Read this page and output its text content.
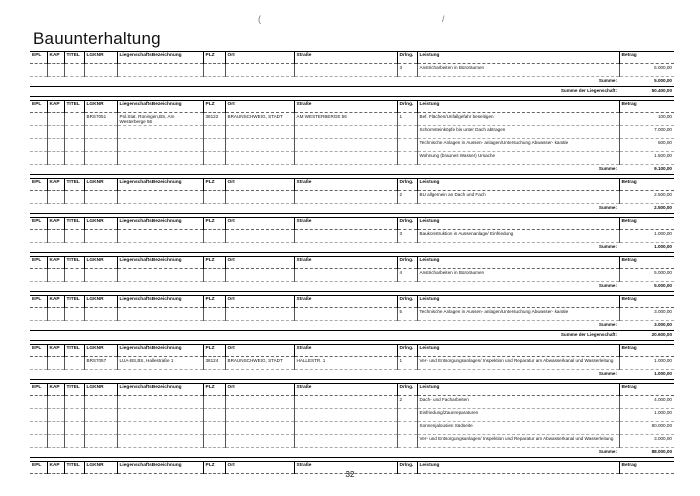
(	/
Bauunterhaltung
EPL	KAP	TITEL	LGKNR	LiegenschaftsBezeichnung	PLZ	Ort	Straße	Drlng.	Leistung	Betrag
								3	Anstricharbeiten in Büroräumen	5.000,00
Summe:										5.000,00
Summe der Liegenschaft:										50.400,00

EPL	KAP	TITEL	LGKNR	LiegenschaftsBezeichnung	PLZ	Ort	Straße	Drlng.	Leistung	Betrag
			BRS7051	Pol.Stat. Rüningen,BS, Am Westerberge 56	38122	BRAUNSCHWEIG, STADT	AM WESTERBERGE 56	1	Bef. Flächen/Unfallgefahr beseitigen	100,00
									Schornsteinköpfe bis unter Dach abtragen	7.000,00
									Technische Anlagen in Aussen- anlagen/Untersuchung Abwasser- kanäle	500,00
									Wohnung (braunes Wasser) Ursache	1.500,00
Summe:										9.100,00

EPL	KAP	TITEL	LGKNR	LiegenschaftsBezeichnung	PLZ	Ort	Straße	Drlng.	Leistung	Betrag
								2	BU allgemein an Dach und Fach	2.500,00
Summe:										2.500,00

EPL	KAP	TITEL	LGKNR	LiegenschaftsBezeichnung	PLZ	Ort	Straße	Drlng.	Leistung	Betrag
								3	Baukonstruktion in Aussenanlage/ Einfriedung	1.000,00
Summe:										1.000,00

EPL	KAP	TITEL	LGKNR	LiegenschaftsBezeichnung	PLZ	Ort	Straße	Drlng.	Leistung	Betrag
								4	Anstricharbeiten in Büroräumen	5.000,00
Summe:										5.000,00

EPL	KAP	TITEL	LGKNR	LiegenschaftsBezeichnung	PLZ	Ort	Straße	Drlng.	Leistung	Betrag
								5	Technische Anlagen in Aussen- anlagen/Untersuchung Abwasser- kanäle	3.000,00
Summe:										3.000,00
Summe der Liegenschaft:										20.600,00

EPL	KAP	TITEL	LGKNR	LiegenschaftsBezeichnung	PLZ	Ort	Straße	Drlng.	Leistung	Betrag
			BRS7057	LUA-BS,BS, Hallestraße 1	38124	BRAUNSCHWEIG, STADT	HALLESTR. 1	1	Ver- und Entsorgungsanlagen/ Inspektion und Reparatur am Abwasserkanal und Wasserleitung	1.000,00
Summe:										1.000,00

EPL	KAP	TITEL	LGKNR	LiegenschaftsBezeichnung	PLZ	Ort	Straße	Drlng.	Leistung	Betrag
								2	Dach- und Facharbeiten	4.000,00
									Einfriedung/Zaunreparaturen	1.000,00
									Sonnenjalousien Südseite	80.000,00
									Ver- und Entsorgungsanlagen/ Inspektion und Reparatur am Abwasserkanal und Wasserleitung	3.000,00
Summe:										88.000,00

EPL	KAP	TITEL	LGKNR	LiegenschaftsBezeichnung	PLZ	Ort	Straße	Drlng.	Leistung	Betrag
32
